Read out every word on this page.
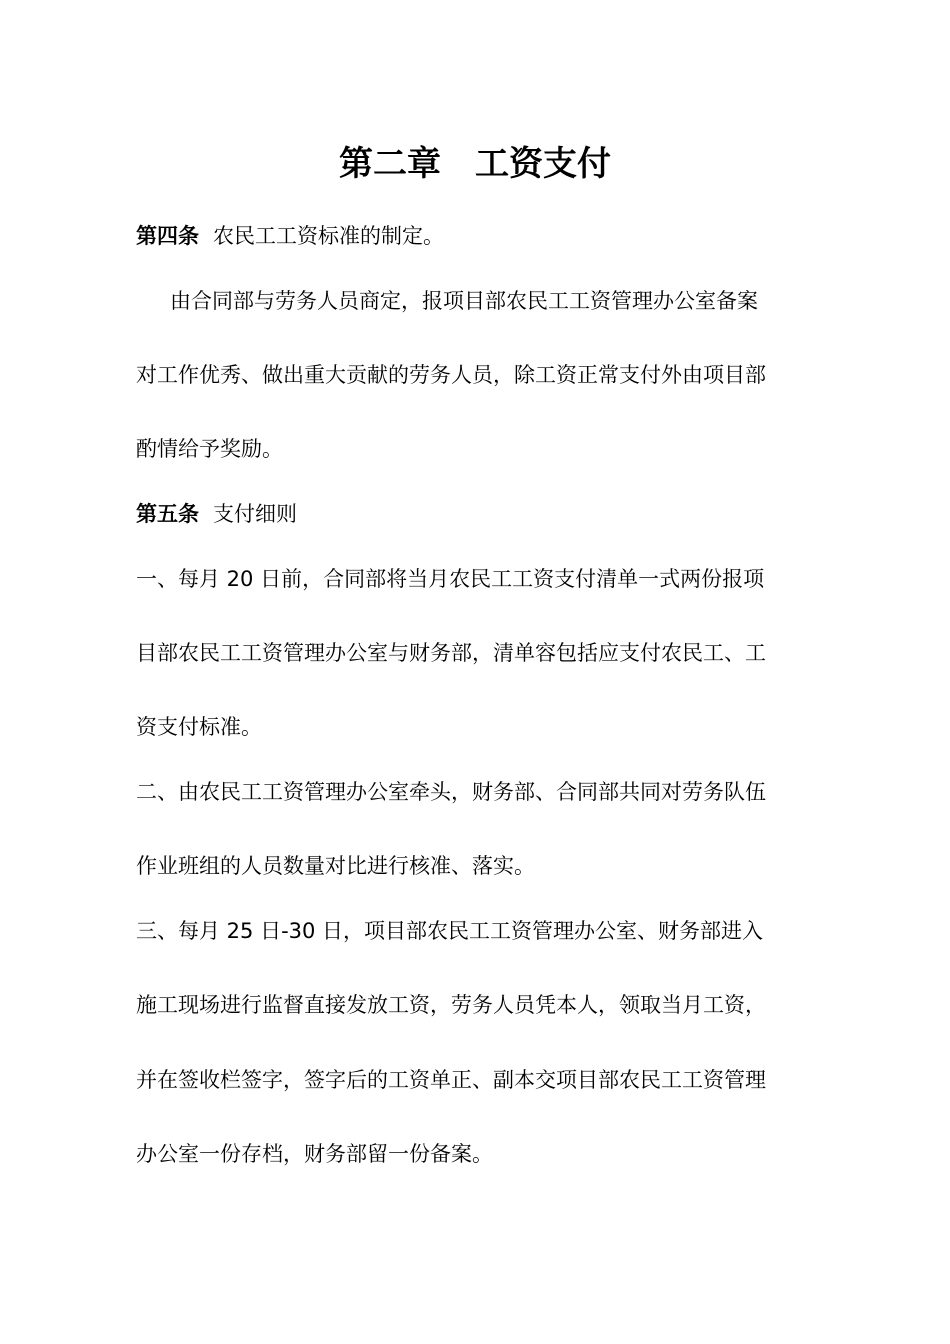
第二章　工资支付
第四条 农民工工资标准的制定。
由合同部与劳务人员商定，报项目部农民工工资管理办公室备案
对工作优秀、做出重大贡献的劳务人员，除工资正常支付外由项目部
酌情给予奖励。
第五条 支付细则
一、每月 20 日前，合同部将当月农民工工资支付清单一式两份报项
目部农民工工资管理办公室与财务部，清单容包括应支付农民工、工
资支付标准。
二、由农民工工资管理办公室牵头，财务部、合同部共同对劳务队伍
作业班组的人员数量对比进行核准、落实。
三、每月 25 日-30 日，项目部农民工工资管理办公室、财务部进入
施工现场进行监督直接发放工资，劳务人员凭本人，领取当月工资，
并在签收栏签字，签字后的工资单正、副本交项目部农民工工资管理
办公室一份存档，财务部留一份备案。
